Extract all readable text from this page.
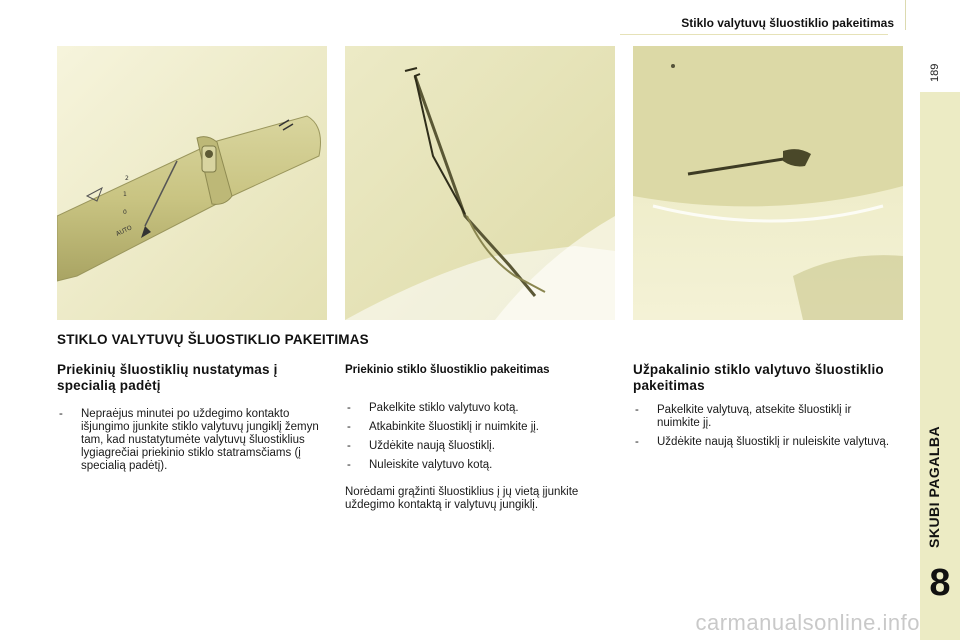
Stiklo valytuvų šluostiklio pakeitimas
189
SKUBI PAGALBA
8
AUTO
0
1
2
STIKLO VALYTUVŲ ŠLUOSTIKLIO PAKEITIMAS
Priekinių šluostiklių nustatymas į specialią padėtį
- Nepraėjus minutei po uždegimo kontakto išjungimo įjunkite stiklo valytuvų jungiklį žemyn tam, kad nustatytumėte valytuvų šluostiklius lygiagrečiai priekinio stiklo statramsčiams (į specialią padėtį).
Priekinio stiklo šluostiklio pakeitimas
- Pakelkite stiklo valytuvo kotą.
- Atkabinkite šluostiklį ir nuimkite jį.
- Uždėkite naują šluostiklį.
- Nuleiskite valytuvo kotą.

Norėdami grąžinti šluostiklius į jų vietą įjunkite uždegimo kontaktą ir valytuvų jungiklį.

Užpakalinio stiklo valytuvo šluostiklio pakeitimas
- Pakelkite valytuvą, atsekite šluostiklį ir nuimkite jį.
- Uždėkite naują šluostiklį ir nuleiskite valytuvą.
carmanualsonline.info
